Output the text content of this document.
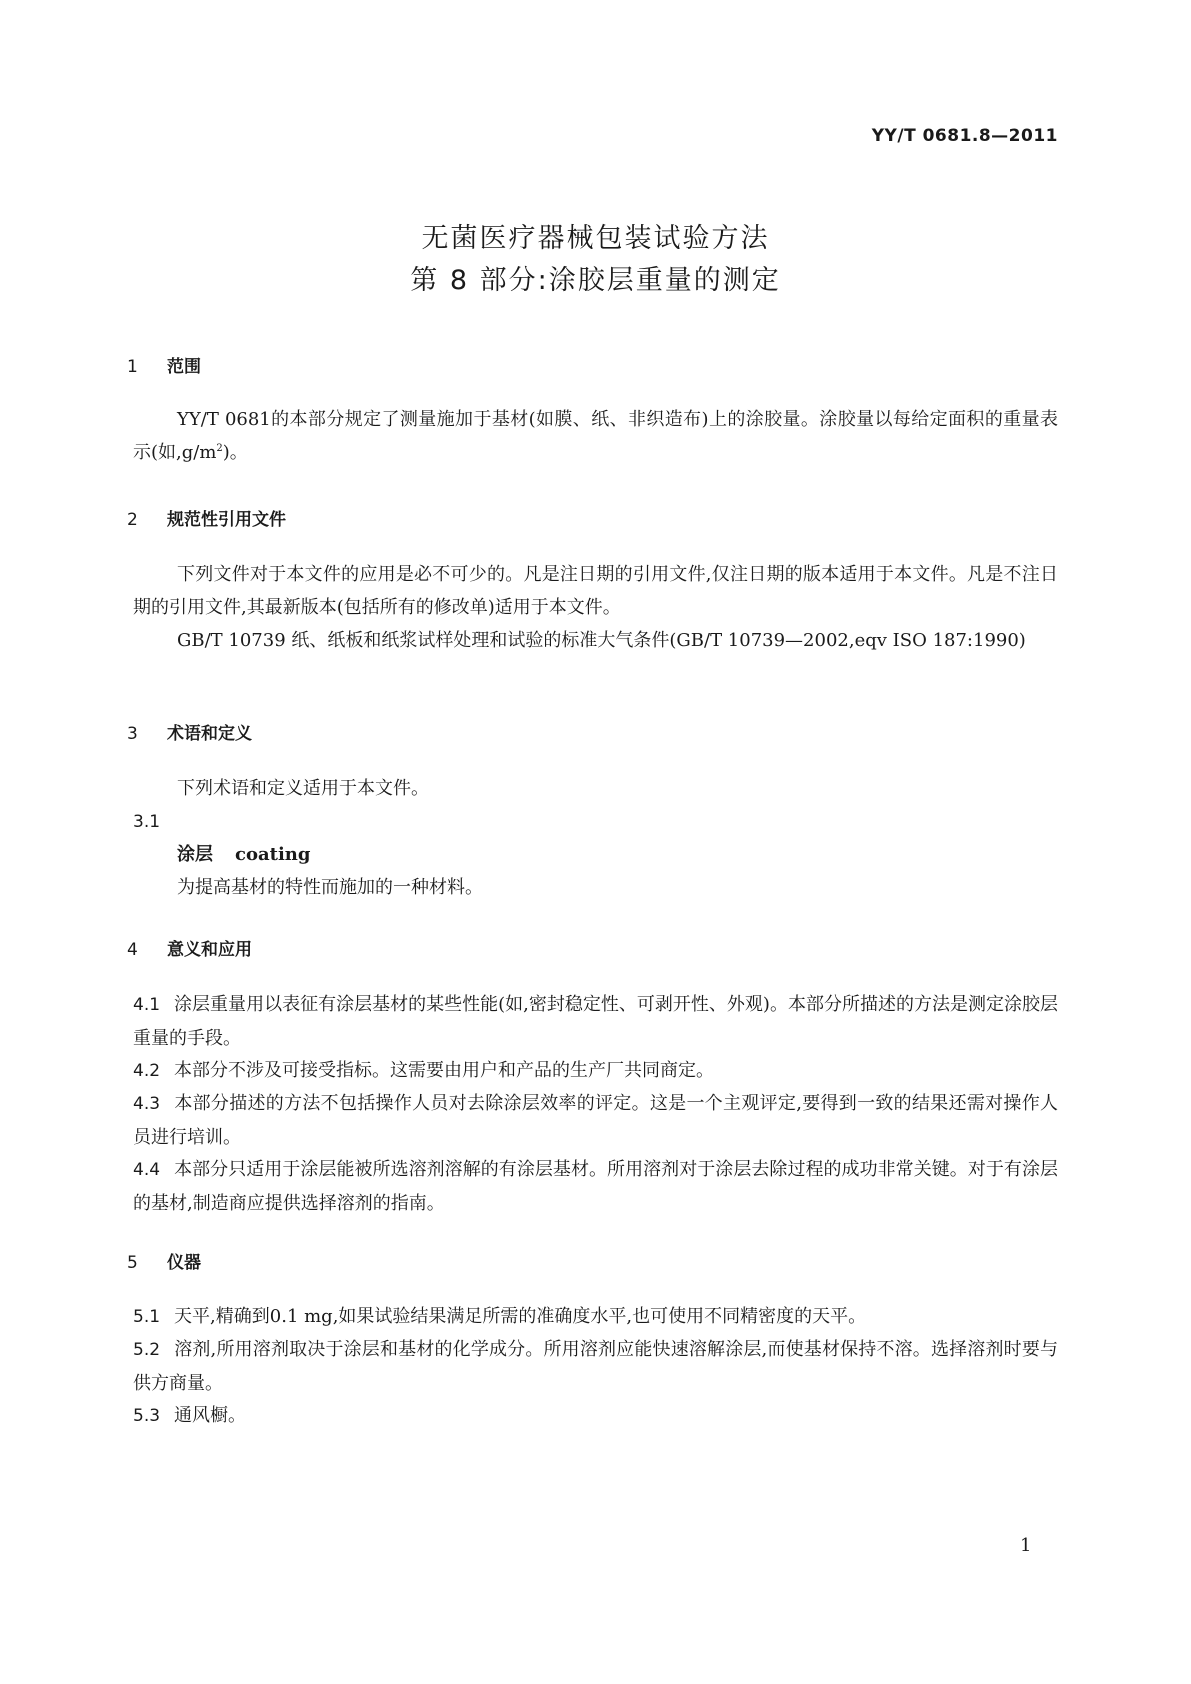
YY/T 0681.8—2011
无菌医疗器械包装试验方法
第 8 部分:涂胶层重量的测定
1 范围
YY/T 0681的本部分规定了测量施加于基材(如膜、纸、非织造布)上的涂胶量。涂胶量以每给定面积的重量表示(如$,g/m^2$)。
2 规范性引用文件
下列文件对于本文件的应用是必不可少的。凡是注日期的引用文件,仅注日期的版本适用于本文件。凡是不注日期的引用文件,其最新版本(包括所有的修改单)适用于本文件。
GB/T 10739 纸、纸板和纸浆试样处理和试验的标准大气条件(GB/T 10739—2002,eqv ISO 187:1990)
3 术语和定义
下列术语和定义适用于本文件。
3.1
涂层 coating
为提高基材的特性而施加的一种材料。
4 意义和应用
4.1 涂层重量用以表征有涂层基材的某些性能(如,密封稳定性、可剥开性、外观)。本部分所描述的方法是测定涂胶层重量的手段。
4.2 本部分不涉及可接受指标。这需要由用户和产品的生产厂共同商定。
4.3 本部分描述的方法不包括操作人员对去除涂层效率的评定。这是一个主观评定,要得到一致的结果还需对操作人员进行培训。
4.4 本部分只适用于涂层能被所选溶剂溶解的有涂层基材。所用溶剂对于涂层去除过程的成功非常关键。对于有涂层的基材,制造商应提供选择溶剂的指南。
5 仪器
5.1 天平,精确到0.1 mg,如果试验结果满足所需的准确度水平,也可使用不同精密度的天平。
5.2 溶剂,所用溶剂取决于涂层和基材的化学成分。所用溶剂应能快速溶解涂层,而使基材保持不溶。选择溶剂时要与供方商量。
5.3 通风橱。
1
